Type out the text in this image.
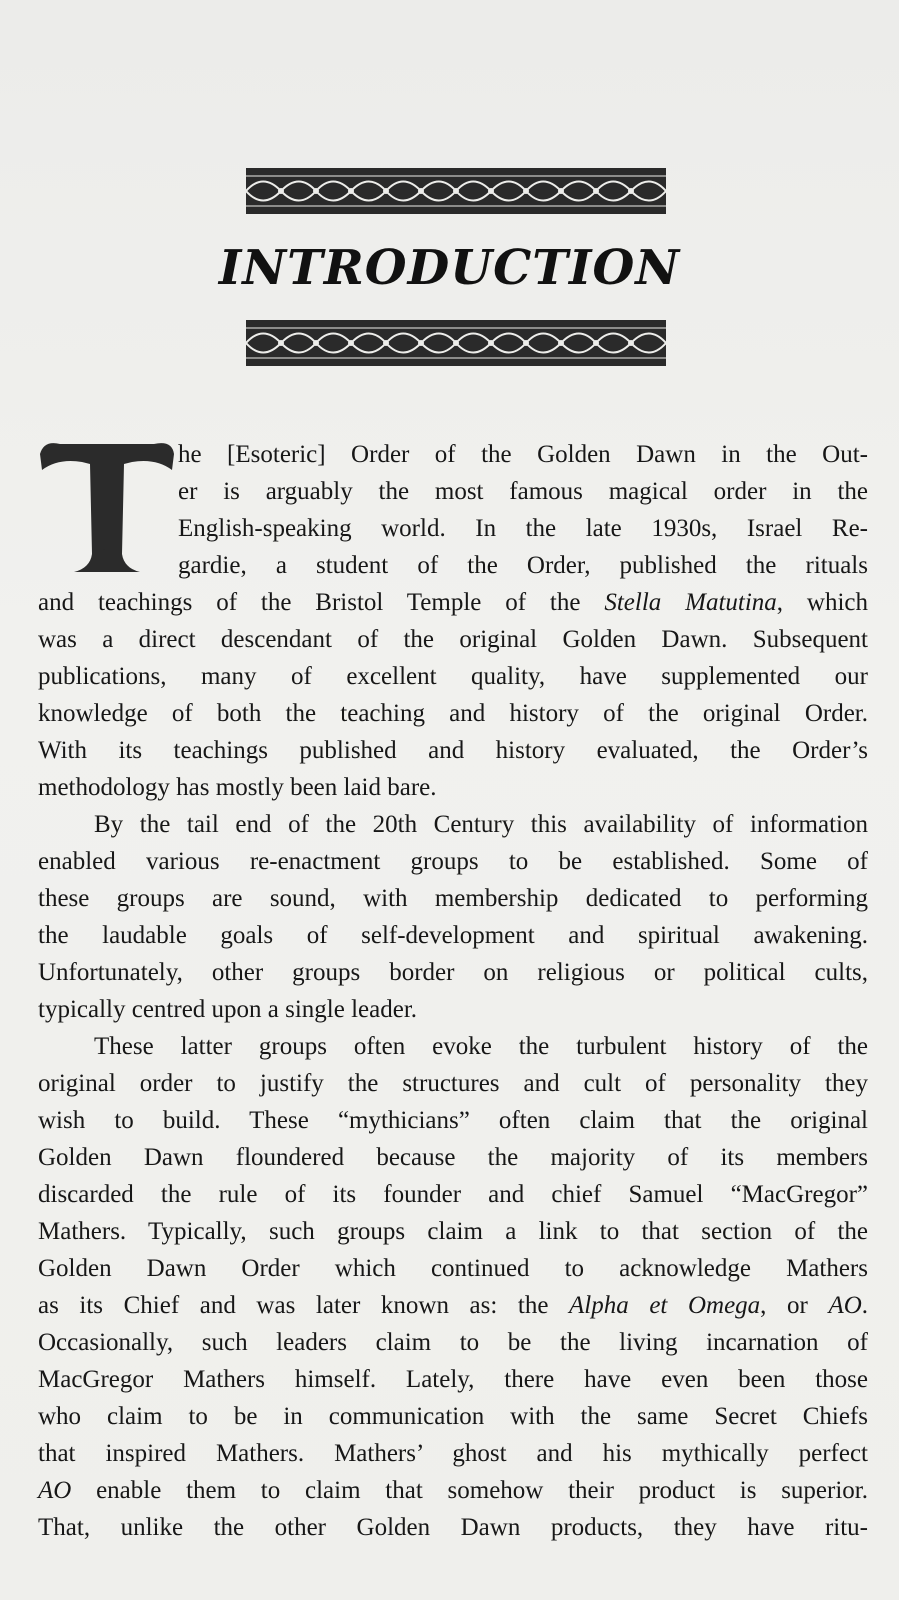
INTRODUCTION
T
he [Esoteric] Order of the Golden Dawn in the Out-
er is arguably the most famous magical order in the
English-speaking world. In the late 1930s, Israel Re-
gardie, a student of the Order, published the rituals
and teachings of the Bristol Temple of the Stella Matutina, which
was a direct descendant of the original Golden Dawn. Subsequent
publications, many of excellent quality, have supplemented our
knowledge of both the teaching and history of the original Order.
With its teachings published and history evaluated, the Order’s
methodology has mostly been laid bare.
By the tail end of the 20th Century this availability of information
enabled various re-enactment groups to be established. Some of
these groups are sound, with membership dedicated to performing
the laudable goals of self-development and spiritual awakening.
Unfortunately, other groups border on religious or political cults,
typically centred upon a single leader.
These latter groups often evoke the turbulent history of the
original order to justify the structures and cult of personality they
wish to build. These “mythicians” often claim that the original
Golden Dawn floundered because the majority of its members
discarded the rule of its founder and chief Samuel “MacGregor”
Mathers. Typically, such groups claim a link to that section of the
Golden Dawn Order which continued to acknowledge Mathers
as its Chief and was later known as: the Alpha et Omega, or AO.
Occasionally, such leaders claim to be the living incarnation of
MacGregor Mathers himself. Lately, there have even been those
who claim to be in communication with the same Secret Chiefs
that inspired Mathers. Mathers’ ghost and his mythically perfect
AO enable them to claim that somehow their product is superior.
That, unlike the other Golden Dawn products, they have ritu-
